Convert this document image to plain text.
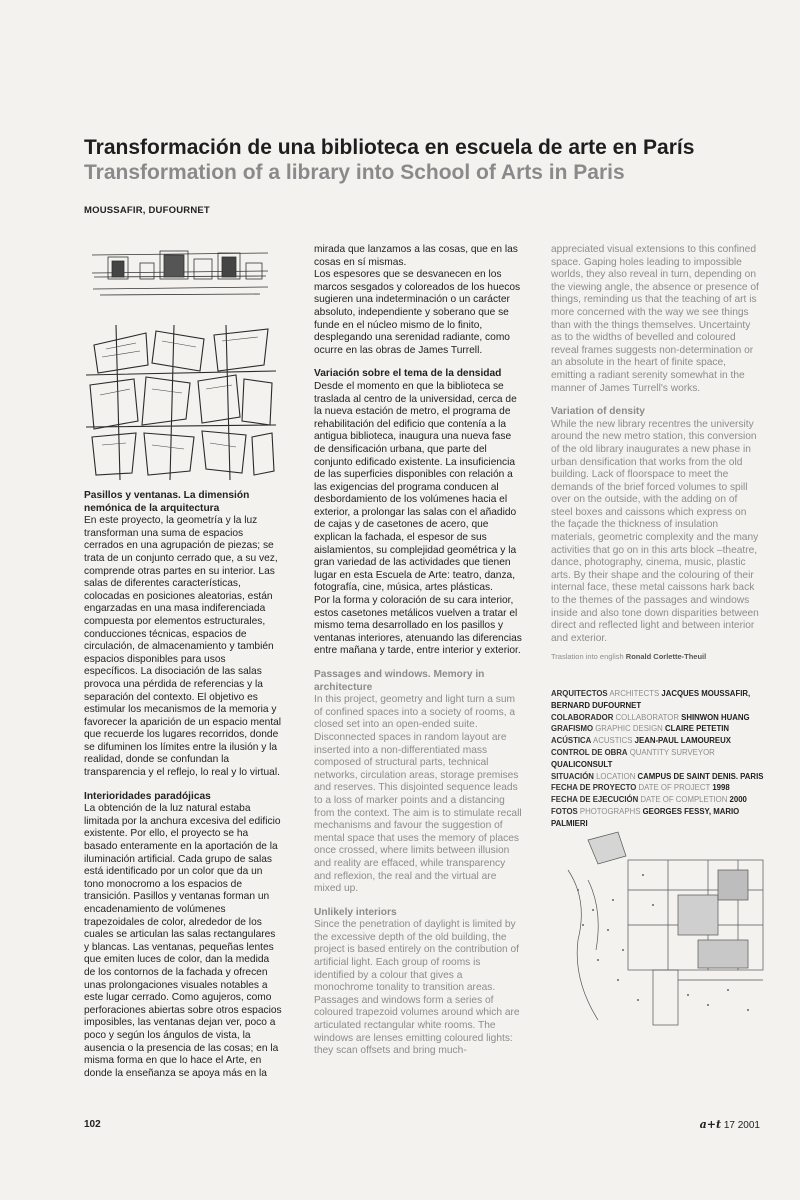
Transformación de una biblioteca en escuela de arte en París
Transformation of a library into School of Arts in Paris
MOUSSAFIR, DUFOURNET

Pasillos y ventanas. La dimensión nemónica de la arquitectura

En este proyecto, la geometría y la luz transforman una suma de espacios cerrados en una agrupación de piezas; se trata de un conjunto cerrado que, a su vez, comprende otras partes en su interior. Las salas de diferentes características, colocadas en posiciones aleatorias, están engarzadas en una masa indiferenciada compuesta por elementos estructurales, conducciones técnicas, espacios de circulación, de almacenamiento y también espacios disponibles para usos específicos. La disociación de las salas provoca una pérdida de referencias y la separación del contexto. El objetivo es estimular los mecanismos de la memoria y favorecer la aparición de un espacio mental que recuerde los lugares recorridos, donde se difuminen los límites entre la ilusión y la realidad, donde se confundan la transparencia y el reflejo, lo real y lo virtual.

Interioridades paradójicas

La obtención de la luz natural estaba limitada por la anchura excesiva del edificio existente. Por ello, el proyecto se ha basado enteramente en la aportación de la iluminación artificial. Cada grupo de salas está identificado por un color que da un tono monocromo a los espacios de transición. Pasillos y ventanas forman un encadenamiento de volúmenes trapezoidales de color, alrededor de los cuales se articulan las salas rectangulares y blancas. Las ventanas, pequeñas lentes que emiten luces de color, dan la medida de los contornos de la fachada y ofrecen unas prolongaciones visuales notables a este lugar cerrado. Como agujeros, como perforaciones abiertas sobre otros espacios imposibles, las ventanas dejan ver, poco a poco y según los ángulos de vista, la ausencia o la presencia de las cosas; en la misma forma en que lo hace el Arte, en donde la enseñanza se apoya más en la

mirada que lanzamos a las cosas, que en las cosas en sí mismas.

Los espesores que se desvanecen en los marcos sesgados y coloreados de los huecos sugieren una indeterminación o un carácter absoluto, independiente y soberano que se funde en el núcleo mismo de lo finito, desplegando una serenidad radiante, como ocurre en las obras de James Turrell.

Variación sobre el tema de la densidad

Desde el momento en que la biblioteca se traslada al centro de la universidad, cerca de la nueva estación de metro, el programa de rehabilitación del edificio que contenía a la antigua biblioteca, inaugura una nueva fase de densificación urbana, que parte del conjunto edificado existente. La insuficiencia de las superficies disponibles con relación a las exigencias del programa conducen al desbordamiento de los volúmenes hacia el exterior, a prolongar las salas con el añadido de cajas y de casetones de acero, que explican la fachada, el espesor de sus aislamientos, su complejidad geométrica y la gran variedad de las actividades que tienen lugar en esta Escuela de Arte: teatro, danza, fotografía, cine, música, artes plásticas.

Por la forma y coloración de su cara interior, estos casetones metálicos vuelven a tratar el mismo tema desarrollado en los pasillos y ventanas interiores, atenuando las diferencias entre mañana y tarde, entre interior y exterior.

Passages and windows. Memory in architecture

In this project, geometry and light turn a sum of confined spaces into a society of rooms, a closed set into an open-ended suite. Disconnected spaces in random layout are inserted into a non-differentiated mass composed of structural parts, technical networks, circulation areas, storage premises and reserves. This disjointed sequence leads to a loss of marker points and a distancing from the context. The aim is to stimulate recall mechanisms and favour the suggestion of mental space that uses the memory of places once crossed, where limits between illusion and reality are effaced, while transparency and reflexion, the real and the virtual are mixed up.

Unlikely interiors

Since the penetration of daylight is limited by the excessive depth of the old building, the project is based entirely on the contribution of artificial light. Each group of rooms is identified by a colour that gives a monochrome tonality to transition areas. Passages and windows form a series of coloured trapezoid volumes around which are articulated rectangular white rooms. The windows are lenses emitting coloured lights: they scan offsets and bring much-

appreciated visual extensions to this confined space. Gaping holes leading to impossible worlds, they also reveal in turn, depending on the viewing angle, the absence or presence of things, reminding us that the teaching of art is more concerned with the way we see things than with the things themselves. Uncertainty as to the widths of bevelled and coloured reveal frames suggests non-determination or an absolute in the heart of finite space, emitting a radiant serenity somewhat in the manner of James Turrell's works.

Variation of density

While the new library recentres the university around the new metro station, this conversion of the old library inaugurates a new phase in urban densification that works from the old building. Lack of floorspace to meet the demands of the brief forced volumes to spill over on the outside, with the adding on of steel boxes and caissons which express on the façade the thickness of insulation materials, geometric complexity and the many activities that go on in this arts block –theatre, dance, photography, cinema, music, plastic arts. By their shape and the colouring of their internal face, these metal caissons hark back to the themes of the passages and windows inside and also tone down disparities between direct and reflected light and between interior and exterior.

Traslation into english Ronald Corlette-Theuil

ARQUITECTOS ARCHITECTS JACQUES MOUSSAFIR, BERNARD DUFOURNET

COLABORADOR COLLABORATOR SHINWON HUANG

GRAFISMO GRAPHIC DESIGN CLAIRE PETETIN

ACÚSTICA ACUSTICS JEAN-PAUL LAMOUREUX

CONTROL DE OBRA QUANTITY SURVEYOR QUALICONSULT

SITUACIÓN LOCATION CAMPUS DE SAINT DENIS. PARIS

FECHA DE PROYECTO DATE OF PROJECT 1998

FECHA DE EJECUCIÓN DATE OF COMPLETION 2000

FOTOS PHOTOGRAPHS GEORGES FESSY, MARIO PALMIERI

102	a+t 17 2001
